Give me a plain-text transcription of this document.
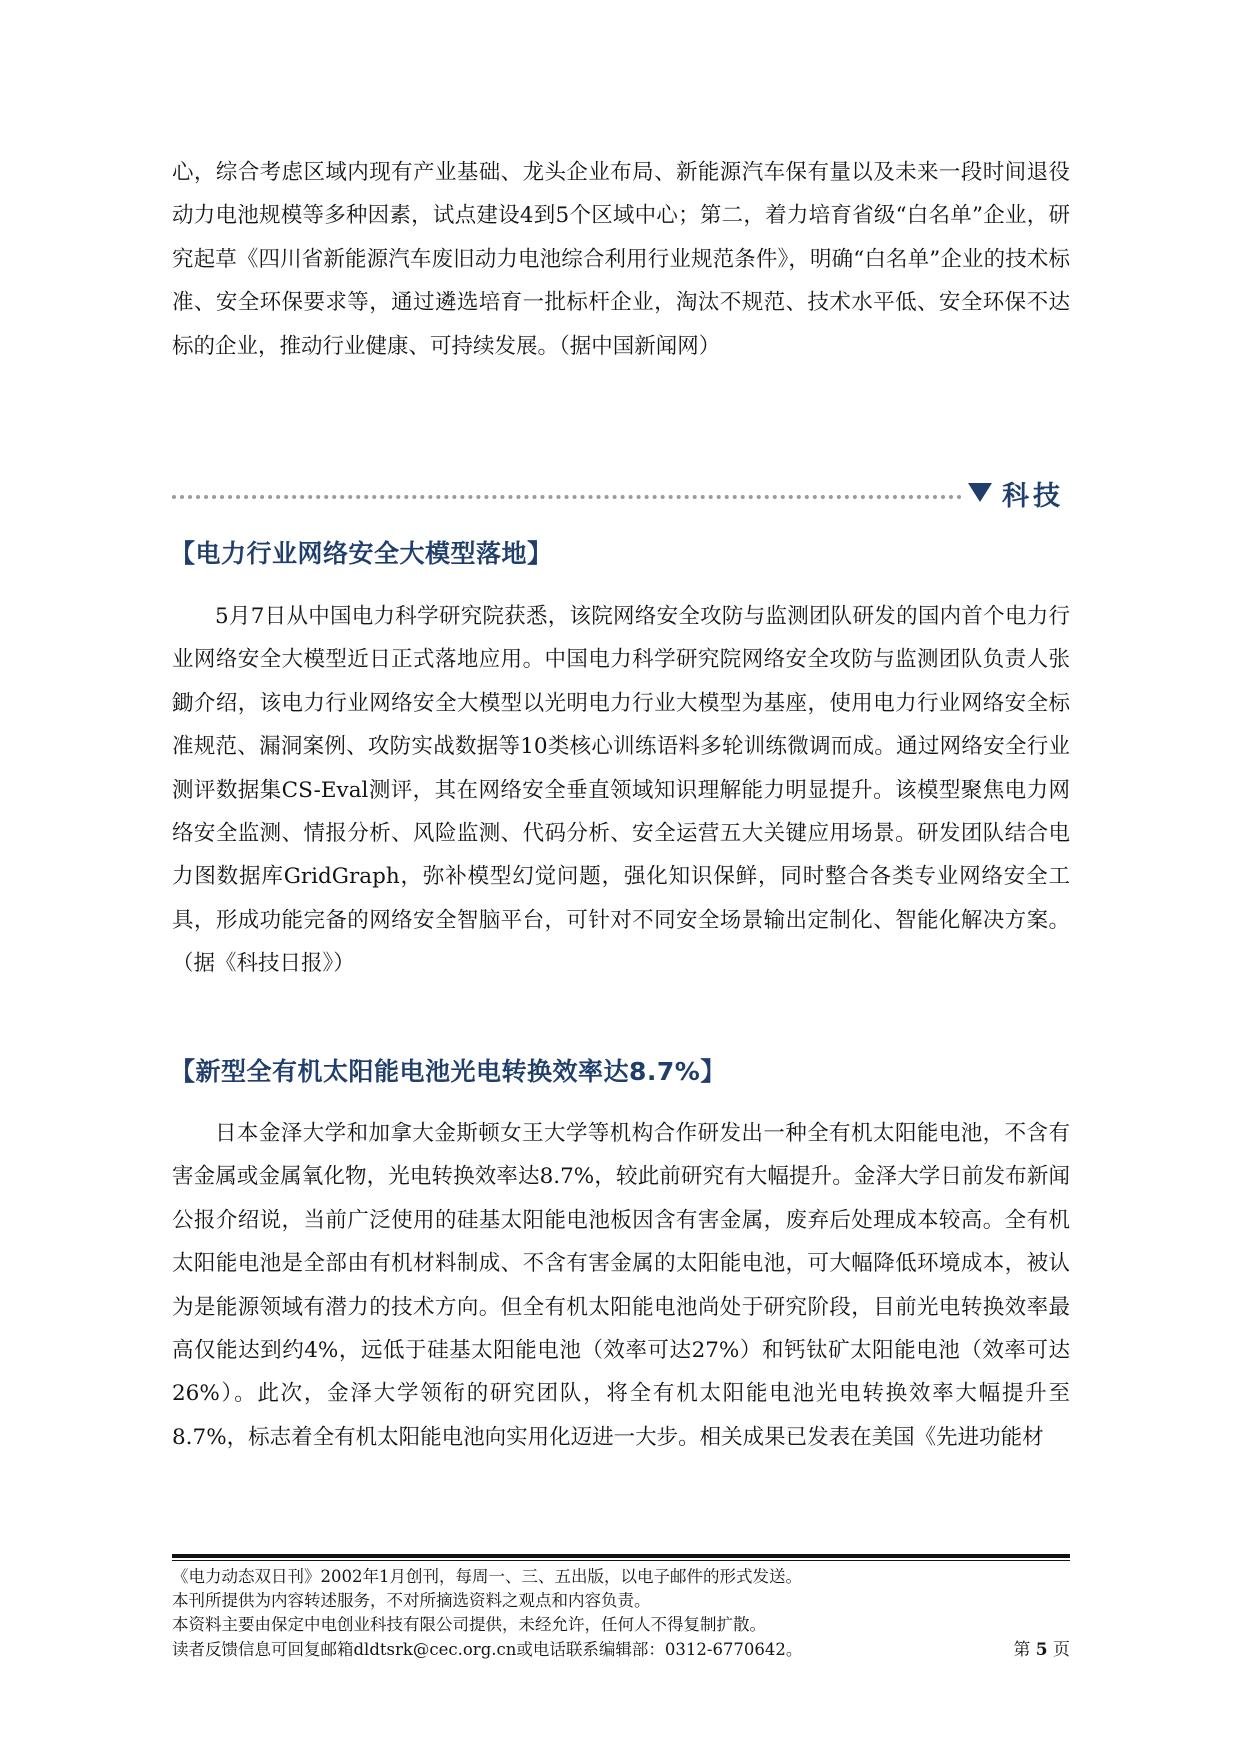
心，综合考虑区域内现有产业基础、龙头企业布局、新能源汽车保有量以及未来一段时间退役动力电池规模等多种因素，试点建设4到5个区域中心；第二，着力培育省级“白名单”企业，研究起草《四川省新能源汽车废旧动力电池综合利用行业规范条件》，明确“白名单”企业的技术标准、安全环保要求等，通过遴选培育一批标杆企业，淘汰不规范、技术水平低、安全环保不达标的企业，推动行业健康、可持续发展。（据中国新闻网）

科技
【电力行业网络安全大模型落地】

5月7日从中国电力科学研究院获悉，该院网络安全攻防与监测团队研发的国内首个电力行业网络安全大模型近日正式落地应用。中国电力科学研究院网络安全攻防与监测团队负责人张鋤介绍，该电力行业网络安全大模型以光明电力行业大模型为基座，使用电力行业网络安全标准规范、漏洞案例、攻防实战数据等10类核心训练语料多轮训练微调而成。通过网络安全行业测评数据集CS-Eval测评，其在网络安全垂直领域知识理解能力明显提升。该模型聚焦电力网络安全监测、情报分析、风险监测、代码分析、安全运营五大关键应用场景。研发团队结合电力图数据库GridGraph，弥补模型幻觉问题，强化知识保鲜，同时整合各类专业网络安全工具，形成功能完备的网络安全智脑平台，可针对不同安全场景输出定制化、智能化解决方案。（据《科技日报》）

【新型全有机太阳能电池光电转换效率达8.7%】

日本金泽大学和加拿大金斯顿女王大学等机构合作研发出一种全有机太阳能电池，不含有害金属或金属氧化物，光电转换效率达8.7%，较此前研究有大幅提升。金泽大学日前发布新闻公报介绍说，当前广泛使用的硅基太阳能电池板因含有害金属，废弃后处理成本较高。全有机太阳能电池是全部由有机材料制成、不含有害金属的太阳能电池，可大幅降低环境成本，被认为是能源领域有潜力的技术方向。但全有机太阳能电池尚处于研究阶段，目前光电转换效率最高仅能达到约4%，远低于硅基太阳能电池（效率可达27%）和钙钛矿太阳能电池（效率可达26%）。此次，金泽大学领衔的研究团队，将全有机太阳能电池光电转换效率大幅提升至8.7%，标志着全有机太阳能电池向实用化迈进一大步。相关成果已发表在美国《先进功能材

《电力动态双日刊》2002年1月创刊，每周一、三、五出版，以电子邮件的形式发送。

本刊所提供为内容转述服务，不对所摘选资料之观点和内容负责。

本资料主要由保定中电创业科技有限公司提供，未经允许，任何人不得复制扩散。

读者反馈信息可回复邮箱dldtsrk@cec.org.cn或电话联系编辑部：0312-6770642。	第 5 页
